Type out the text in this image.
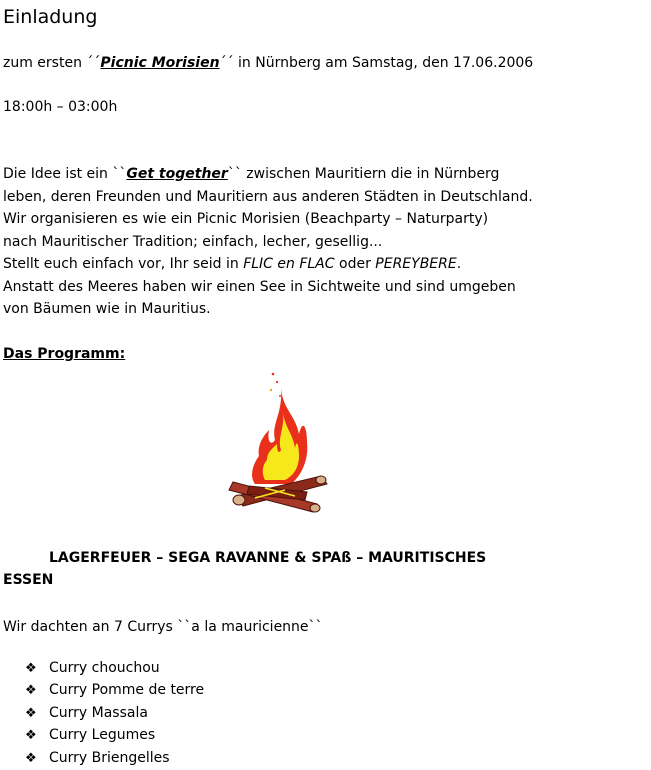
Einladung
zum ersten ´´Picnic Morisien´´ in Nürnberg am Samstag, den 17.06.2006
18:00h – 03:00h
Die Idee ist ein ``Get together`` zwischen Mauritiern die in Nürnberg
leben, deren Freunden und Mauritiern aus anderen Städten in Deutschland.
Wir organisieren es wie ein Picnic Morisien (Beachparty – Naturparty)
nach Mauritischer Tradition; einfach, lecher, gesellig...
Stellt euch einfach vor, Ihr seid in FLIC en FLAC oder PEREYBERE.
Anstatt des Meeres haben wir einen See in Sichtweite und sind umgeben
von Bäumen wie in Mauritius.
Das Programm:
LAGERFEUER – SEGA RAVANNE & SPAß – MAURITISCHES
ESSEN
Wir dachten an 7 Currys ``a la mauricienne``
❖ Curry chouchou
❖ Curry Pomme de terre
❖ Curry Massala
❖ Curry Legumes
❖ Curry Briengelles
